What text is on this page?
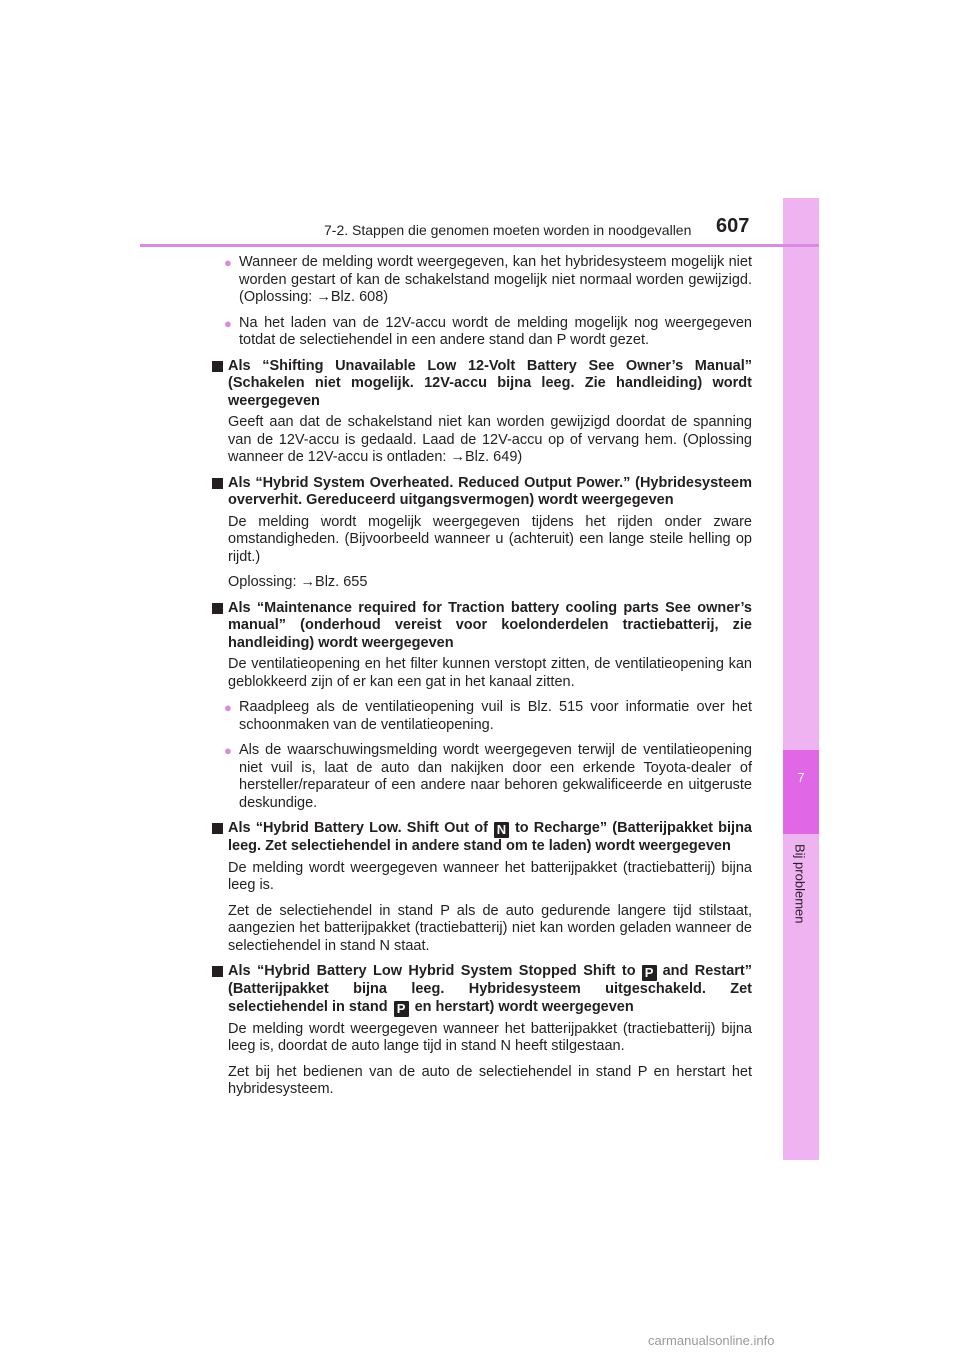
7
Bij problemen
7-2. Stappen die genomen moeten worden in noodgevallen 607
● Wanneer de melding wordt weergegeven, kan het hybridesysteem mogelijk niet worden gestart of kan de schakelstand mogelijk niet normaal worden gewijzigd. (Oplossing: →Blz. 608)
● Na het laden van de 12V-accu wordt de melding mogelijk nog weergegeven totdat de selectiehendel in een andere stand dan P wordt gezet.
Als “Shifting Unavailable Low 12-Volt Battery See Owner’s Manual” (Schakelen niet mogelijk. 12V-accu bijna leeg. Zie handleiding) wordt weergegeven
Geeft aan dat de schakelstand niet kan worden gewijzigd doordat de spanning van de 12V-accu is gedaald. Laad de 12V-accu op of vervang hem. (Oplossing wanneer de 12V-accu is ontladen: →Blz. 649)
Als “Hybrid System Overheated. Reduced Output Power.” (Hybridesysteem oververhit. Gereduceerd uitgangsvermogen) wordt weergegeven
De melding wordt mogelijk weergegeven tijdens het rijden onder zware omstandigheden. (Bijvoorbeeld wanneer u (achteruit) een lange steile helling op rijdt.)
Oplossing: →Blz. 655
Als “Maintenance required for Traction battery cooling parts See owner’s manual” (onderhoud vereist voor koelonderdelen tractiebatterij, zie handleiding) wordt weergegeven
De ventilatieopening en het filter kunnen verstopt zitten, de ventilatieopening kan geblokkeerd zijn of er kan een gat in het kanaal zitten.
● Raadpleeg als de ventilatieopening vuil is Blz. 515 voor informatie over het schoonmaken van de ventilatieopening.
● Als de waarschuwingsmelding wordt weergegeven terwijl de ventilatieopening niet vuil is, laat de auto dan nakijken door een erkende Toyota-dealer of hersteller/reparateur of een andere naar behoren gekwalificeerde en uitgeruste deskundige.
Als “Hybrid Battery Low. Shift Out of N to Recharge” (Batterijpakket bijna leeg. Zet selectiehendel in andere stand om te laden) wordt weergegeven
De melding wordt weergegeven wanneer het batterijpakket (tractiebatterij) bijna leeg is.
Zet de selectiehendel in stand P als de auto gedurende langere tijd stilstaat, aangezien het batterijpakket (tractiebatterij) niet kan worden geladen wanneer de selectiehendel in stand N staat.
Als “Hybrid Battery Low Hybrid System Stopped Shift to P and Restart” (Batterijpakket bijna leeg. Hybridesysteem uitgeschakeld. Zet selectiehendel in stand P en herstart) wordt weergegeven
De melding wordt weergegeven wanneer het batterijpakket (tractiebatterij) bijna leeg is, doordat de auto lange tijd in stand N heeft stilgestaan.
Zet bij het bedienen van de auto de selectiehendel in stand P en herstart het hybridesysteem.
carmanualsonline.info
